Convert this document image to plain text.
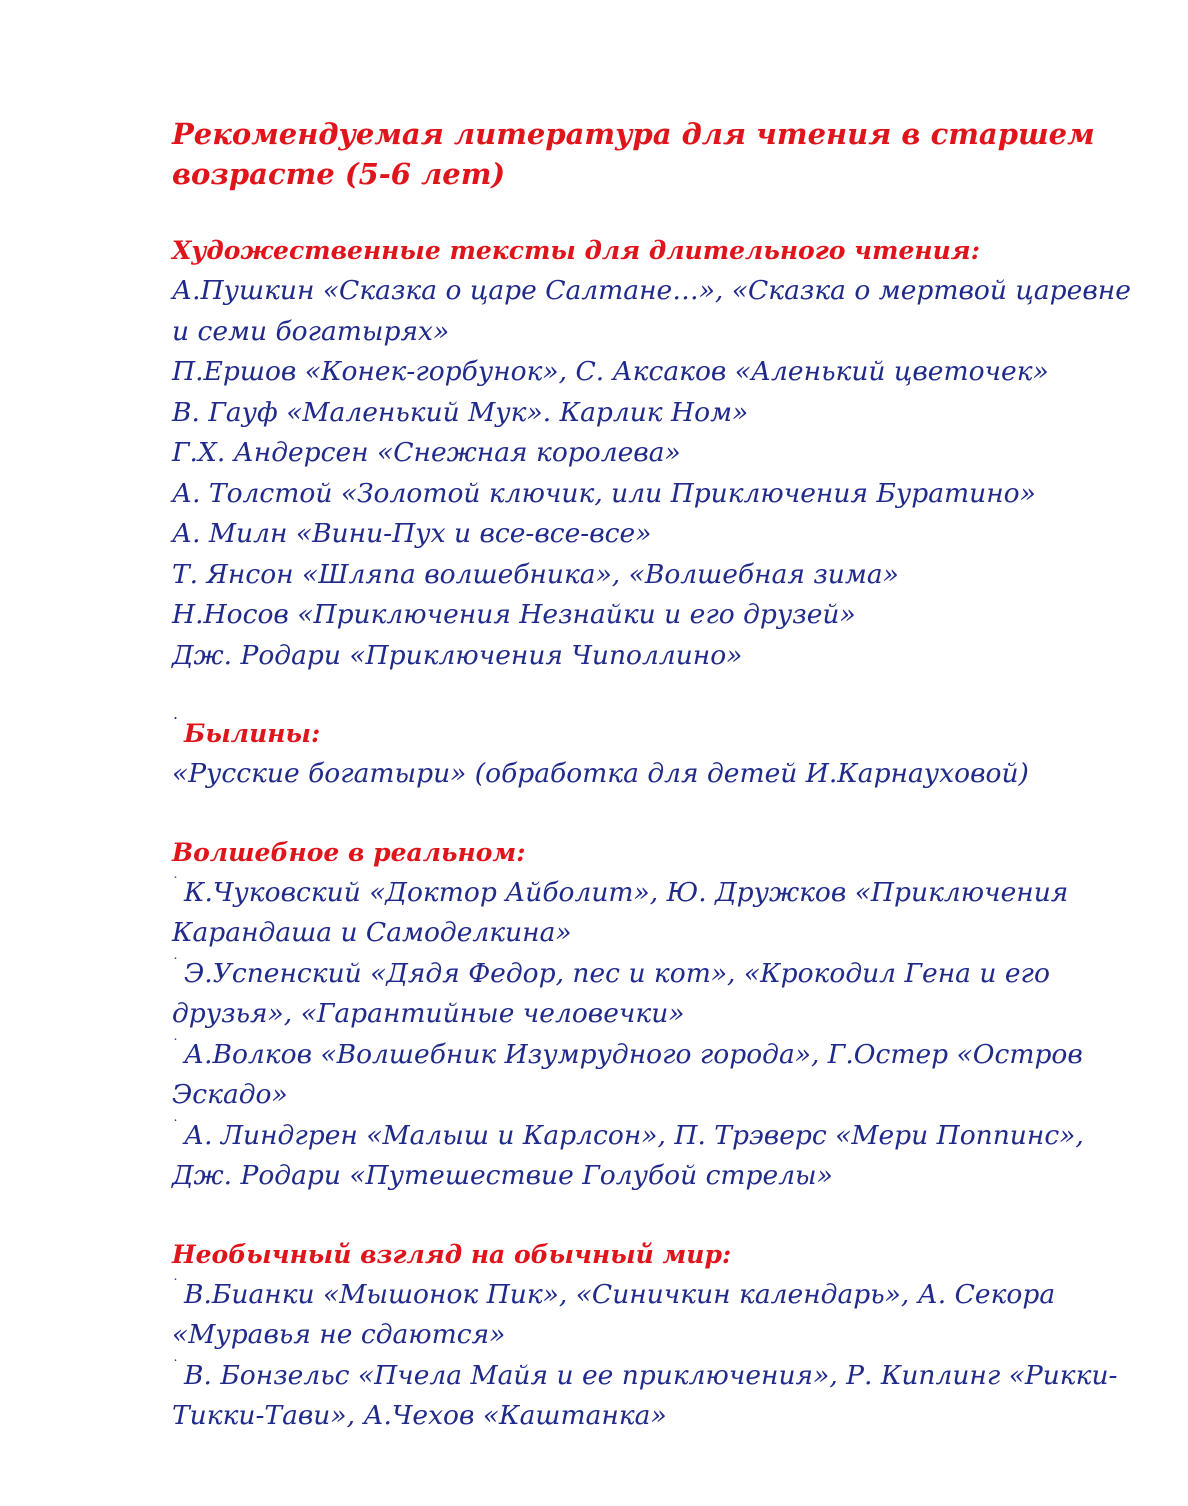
Рекомендуемая литература для чтения в старшем возрасте (5-6 лет)

Художественные тексты для длительного чтения:

А.Пушкин «Сказка о царе Салтане…», «Сказка о мертвой царевне и семи богатырях»

П.Ершов «Конек-горбунок», С. Аксаков «Аленький цветочек»

В. Гауф «Маленький Мук». Карлик Ном»

Г.Х. Андерсен «Снежная королева»

А. Толстой «Золотой ключик, или Приключения Буратино»

А. Милн «Вини-Пух и все-все-все»

Т. Янсон «Шляпа волшебника», «Волшебная зима»

Н.Носов «Приключения Незнайки и его друзей»

Дж. Родари «Приключения Чиполлино»

˙ Былины:

«Русские богатыри» (обработка для детей И.Карнауховой)

Волшебное в реальном:

˙ К.Чуковский «Доктор Айболит», Ю. Дружков «Приключения Карандаша и Самоделкина»

˙ Э.Успенский «Дядя Федор, пес и кот», «Крокодил Гена и его друзья», «Гарантийные человечки»

˙ А.Волков «Волшебник Изумрудного города», Г.Остер «Остров Эскадо»

˙ А. Линдгрен «Малыш и Карлсон», П. Трэверс «Мери Поппинс», Дж. Родари «Путешествие Голубой стрелы»

Необычный взгляд на обычный мир:

˙ В.Бианки «Мышонок Пик», «Синичкин календарь», А. Секора «Муравья не сдаются»

˙ В. Бонзельс «Пчела Майя и ее приключения», Р. Киплинг «Рикки-Тикки-Тави», А.Чехов «Каштанка»
